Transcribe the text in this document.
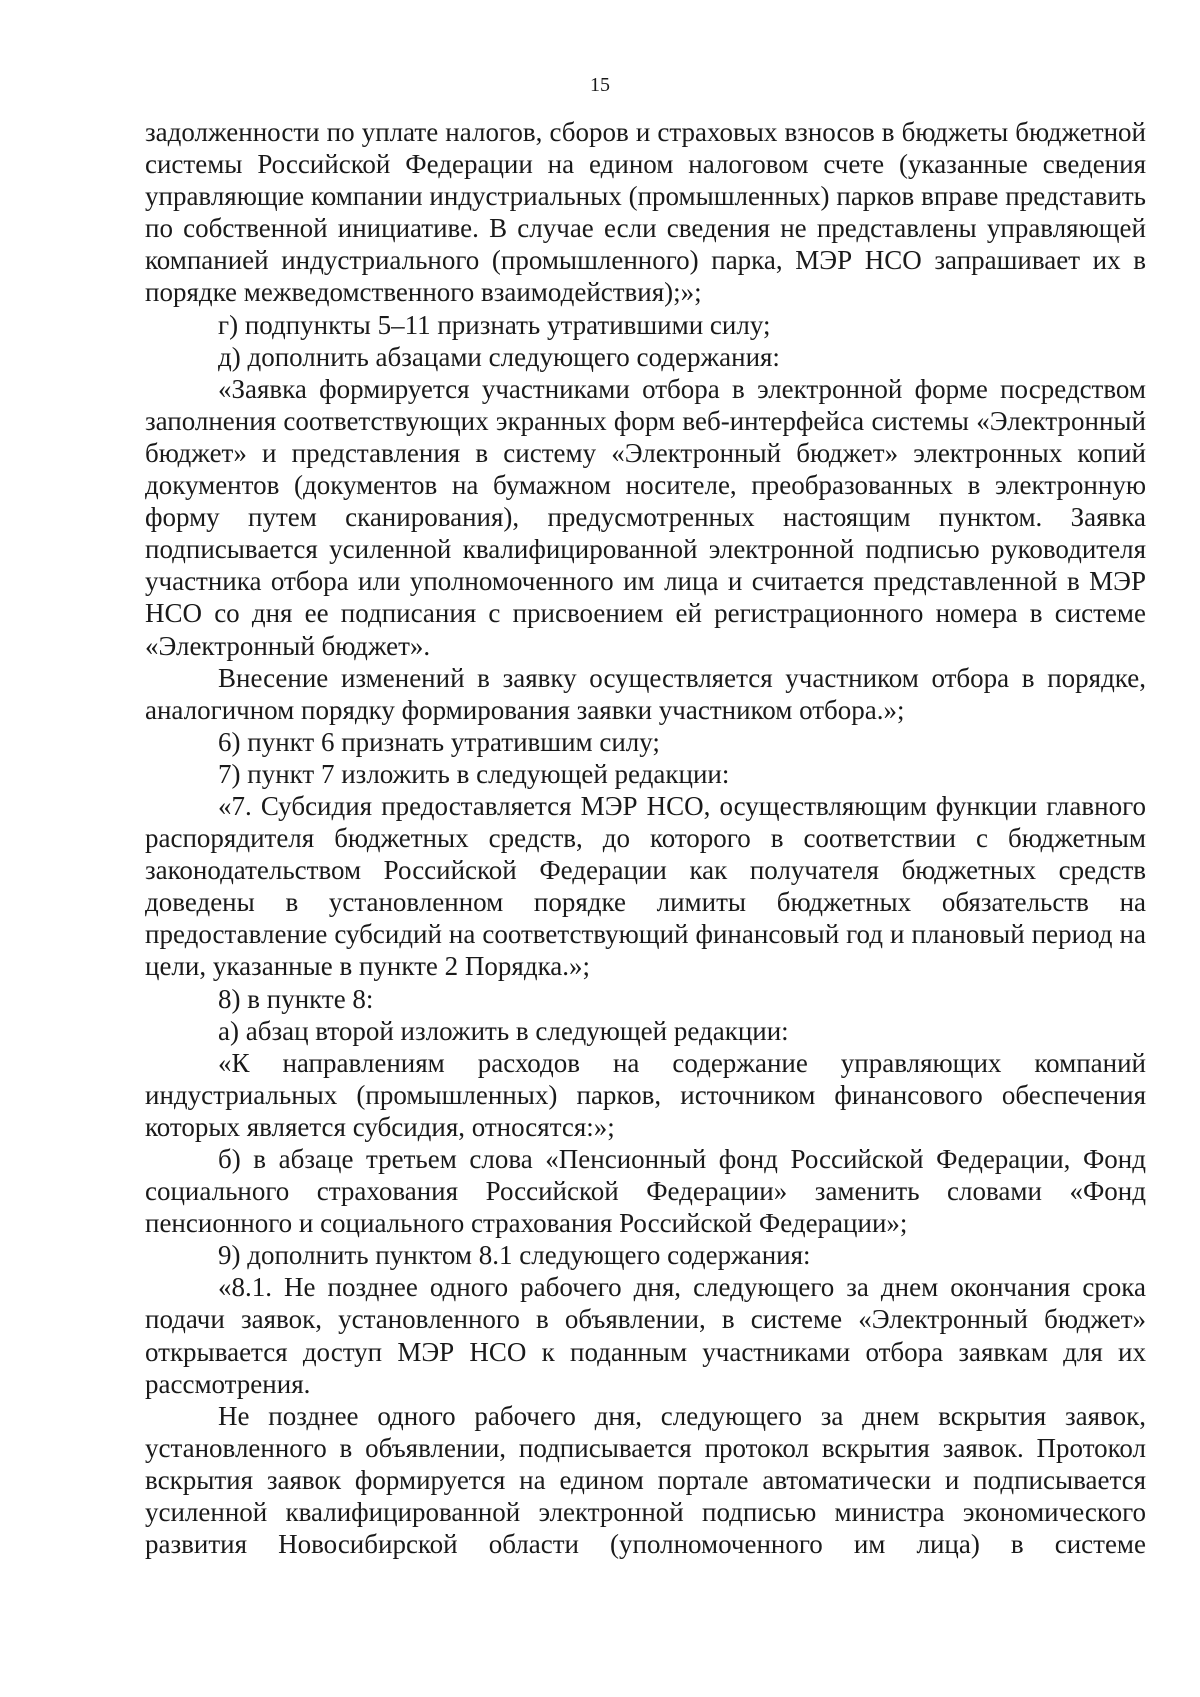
15

задолженности по уплате налогов, сборов и страховых взносов в бюджеты бюджетной системы Российской Федерации на едином налоговом счете (указанные сведения управляющие компании индустриальных (промышленных) парков вправе представить по собственной инициативе. В случае если сведения не представлены управляющей компанией индустриального (промышленного) парка, МЭР НСО запрашивает их в порядке межведомственного взаимодействия);»;

г) подпункты 5–11 признать утратившими силу;

д) дополнить абзацами следующего содержания:

«Заявка формируется участниками отбора в электронной форме посредством заполнения соответствующих экранных форм веб-интерфейса системы «Электронный бюджет» и представления в систему «Электронный бюджет» электронных копий документов (документов на бумажном носителе, преобразованных в электронную форму путем сканирования), предусмотренных настоящим пунктом. Заявка подписывается усиленной квалифицированной электронной подписью руководителя участника отбора или уполномоченного им лица и считается представленной в МЭР НСО со дня ее подписания с присвоением ей регистрационного номера в системе «Электронный бюджет».

Внесение изменений в заявку осуществляется участником отбора в порядке, аналогичном порядку формирования заявки участником отбора.»;

6) пункт 6 признать утратившим силу;

7) пункт 7 изложить в следующей редакции:

«7. Субсидия предоставляется МЭР НСО, осуществляющим функции главного распорядителя бюджетных средств, до которого в соответствии с бюджетным законодательством Российской Федерации как получателя бюджетных средств доведены в установленном порядке лимиты бюджетных обязательств на предоставление субсидий на соответствующий финансовый год и плановый период на цели, указанные в пункте 2 Порядка.»;

8) в пункте 8:

а) абзац второй изложить в следующей редакции:

«К направлениям расходов на содержание управляющих компаний индустриальных (промышленных) парков, источником финансового обеспечения которых является субсидия, относятся:»;

б) в абзаце третьем слова «Пенсионный фонд Российской Федерации, Фонд социального страхования Российской Федерации» заменить словами «Фонд пенсионного и социального страхования Российской Федерации»;

9) дополнить пунктом 8.1 следующего содержания:

«8.1. Не позднее одного рабочего дня, следующего за днем окончания срока подачи заявок, установленного в объявлении, в системе «Электронный бюджет» открывается доступ МЭР НСО к поданным участниками отбора заявкам для их рассмотрения.

Не позднее одного рабочего дня, следующего за днем вскрытия заявок, установленного в объявлении, подписывается протокол вскрытия заявок. Протокол вскрытия заявок формируется на едином портале автоматически и подписывается усиленной квалифицированной электронной подписью министра экономического развития Новосибирской области (уполномоченного им лица) в системе
